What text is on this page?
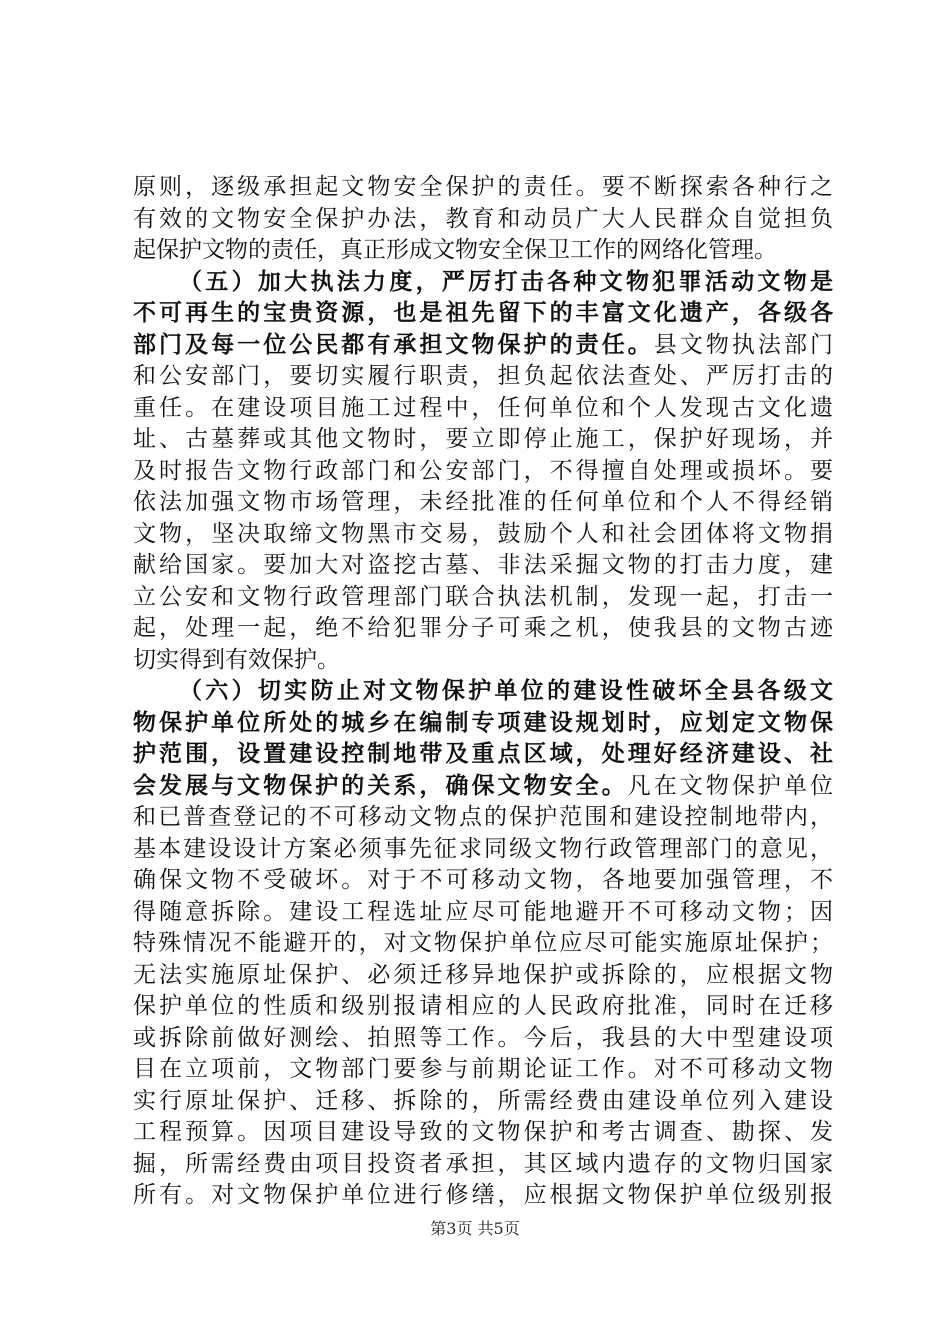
原则，逐级承担起文物安全保护的责任。要不断探索各种行之
有效的文物安全保护办法，教育和动员广大人民群众自觉担负
起保护文物的责任，真正形成文物安全保卫工作的网络化管理。
（五）加大执法力度，严厉打击各种文物犯罪活动文物是
不可再生的宝贵资源，也是祖先留下的丰富文化遗产，各级各
部门及每一位公民都有承担文物保护的责任。县文物执法部门
和公安部门，要切实履行职责，担负起依法查处、严厉打击的
重任。在建设项目施工过程中，任何单位和个人发现古文化遗
址、古墓葬或其他文物时，要立即停止施工，保护好现场，并
及时报告文物行政部门和公安部门，不得擅自处理或损坏。要
依法加强文物市场管理，未经批准的任何单位和个人不得经销
文物，坚决取缔文物黑市交易，鼓励个人和社会团体将文物捐
献给国家。要加大对盗挖古墓、非法采掘文物的打击力度，建
立公安和文物行政管理部门联合执法机制，发现一起，打击一
起，处理一起，绝不给犯罪分子可乘之机，使我县的文物古迹
切实得到有效保护。
（六）切实防止对文物保护单位的建设性破坏全县各级文
物保护单位所处的城乡在编制专项建设规划时，应划定文物保
护范围，设置建设控制地带及重点区域，处理好经济建设、社
会发展与文物保护的关系，确保文物安全。凡在文物保护单位
和已普查登记的不可移动文物点的保护范围和建设控制地带内，
基本建设设计方案必须事先征求同级文物行政管理部门的意见，
确保文物不受破坏。对于不可移动文物，各地要加强管理，不
得随意拆除。建设工程选址应尽可能地避开不可移动文物；因
特殊情况不能避开的，对文物保护单位应尽可能实施原址保护；
无法实施原址保护、必须迁移异地保护或拆除的，应根据文物
保护单位的性质和级别报请相应的人民政府批准，同时在迁移
或拆除前做好测绘、拍照等工作。今后，我县的大中型建设项
目在立项前，文物部门要参与前期论证工作。对不可移动文物
实行原址保护、迁移、拆除的，所需经费由建设单位列入建设
工程预算。因项目建设导致的文物保护和考古调查、勘探、发
掘，所需经费由项目投资者承担，其区域内遗存的文物归国家
所有。对文物保护单位进行修缮，应根据文物保护单位级别报
第3页 共5页
